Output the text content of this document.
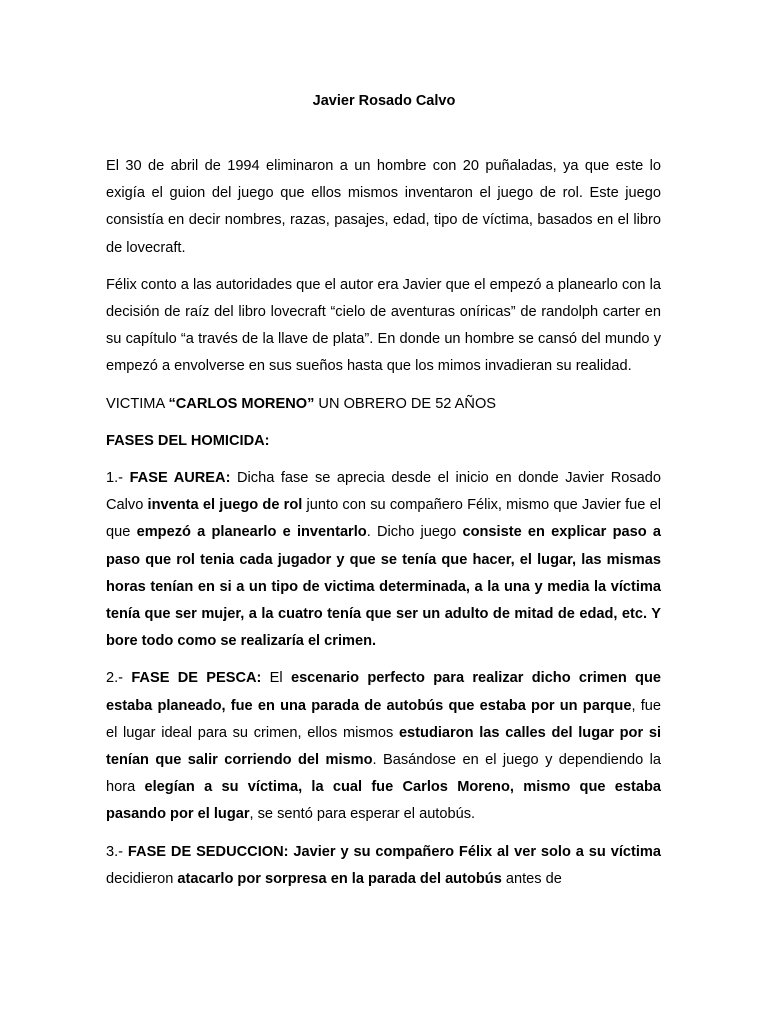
Javier Rosado Calvo

El 30 de abril de 1994 eliminaron a un hombre con 20 puñaladas, ya que este lo exigía el guion del juego que ellos mismos inventaron el juego de rol. Este juego consistía en decir nombres, razas, pasajes, edad, tipo de víctima, basados en el libro de lovecraft.

Félix conto a las autoridades que el autor era Javier que el empezó a planearlo con la decisión de raíz del libro lovecraft “cielo de aventuras oníricas” de randolph carter en su capítulo “a través de la llave de plata”. En donde un hombre se cansó del mundo y empezó a envolverse en sus sueños hasta que los mimos invadieran su realidad.

VICTIMA “CARLOS MORENO” UN OBRERO DE 52 AÑOS

FASES DEL HOMICIDA:

1.- FASE AUREA: Dicha fase se aprecia desde el inicio en donde Javier Rosado Calvo inventa el juego de rol junto con su compañero Félix, mismo que Javier fue el que empezó a planearlo e inventarlo. Dicho juego consiste en explicar paso a paso que rol tenia cada jugador y que se tenía que hacer, el lugar, las mismas horas tenían en si a un tipo de victima determinada, a la una y media la víctima tenía que ser mujer, a la cuatro tenía que ser un adulto de mitad de edad, etc. Y bore todo como se realizaría el crimen.

2.- FASE DE PESCA: El escenario perfecto para realizar dicho crimen que estaba planeado, fue en una parada de autobús que estaba por un parque, fue el lugar ideal para su crimen, ellos mismos estudiaron las calles del lugar por si tenían que salir corriendo del mismo. Basándose en el juego y dependiendo la hora elegían a su víctima, la cual fue Carlos Moreno, mismo que estaba pasando por el lugar, se sentó para esperar el autobús.

3.- FASE DE SEDUCCION: Javier y su compañero Félix al ver solo a su víctima decidieron atacarlo por sorpresa en la parada del autobús antes de
